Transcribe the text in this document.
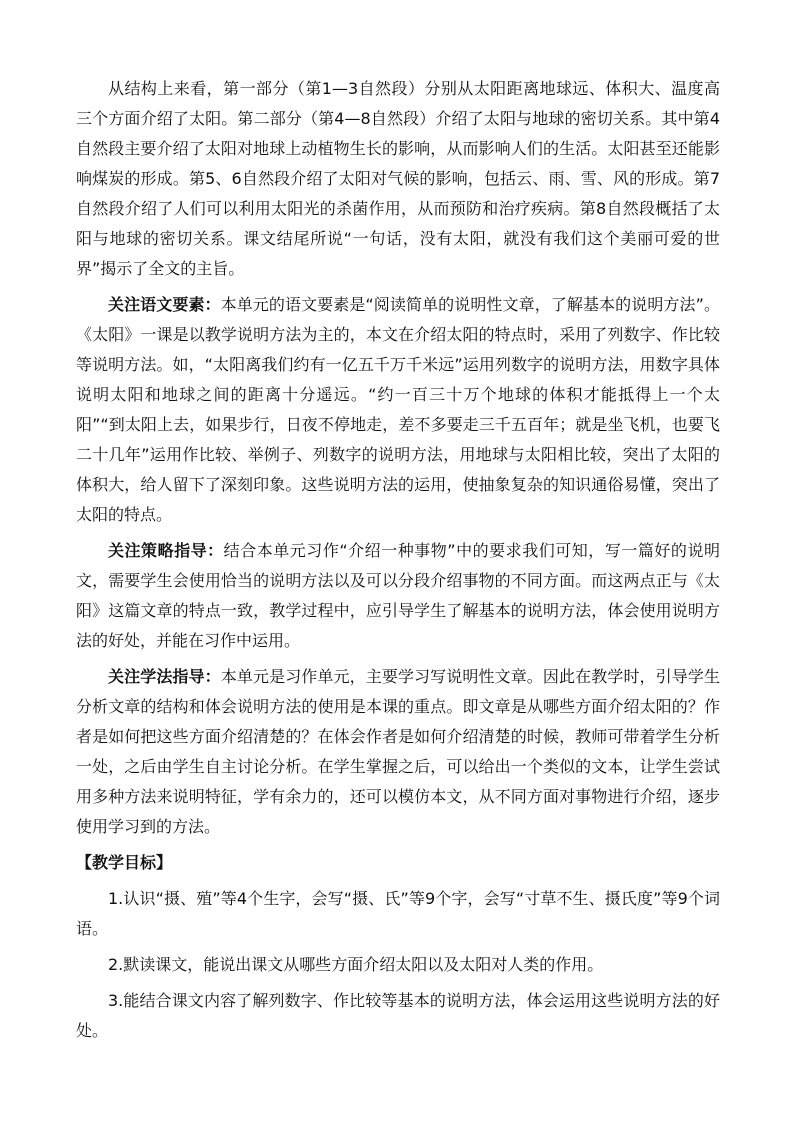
从结构上来看，第一部分（第1—3自然段）分别从太阳距离地球远、体积大、温度高三个方面介绍了太阳。第二部分（第4—8自然段）介绍了太阳与地球的密切关系。其中第4自然段主要介绍了太阳对地球上动植物生长的影响，从而影响人们的生活。太阳甚至还能影响煤炭的形成。第5、6自然段介绍了太阳对气候的影响，包括云、雨、雪、风的形成。第7自然段介绍了人们可以利用太阳光的杀菌作用，从而预防和治疗疾病。第8自然段概括了太阳与地球的密切关系。课文结尾所说“一句话，没有太阳，就没有我们这个美丽可爱的世界”揭示了全文的主旨。

关注语文要素：本单元的语文要素是“阅读简单的说明性文章，了解基本的说明方法”。《太阳》一课是以教学说明方法为主的，本文在介绍太阳的特点时，采用了列数字、作比较等说明方法。如，“太阳离我们约有一亿五千万千米远”运用列数字的说明方法，用数字具体说明太阳和地球之间的距离十分遥远。“约一百三十万个地球的体积才能抵得上一个太阳”“到太阳上去，如果步行，日夜不停地走，差不多要走三千五百年；就是坐飞机，也要飞二十几年”运用作比较、举例子、列数字的说明方法，用地球与太阳相比较，突出了太阳的体积大，给人留下了深刻印象。这些说明方法的运用，使抽象复杂的知识通俗易懂，突出了太阳的特点。

关注策略指导：结合本单元习作“介绍一种事物”中的要求我们可知，写一篇好的说明文，需要学生会使用恰当的说明方法以及可以分段介绍事物的不同方面。而这两点正与《太阳》这篇文章的特点一致，教学过程中，应引导学生了解基本的说明方法，体会使用说明方法的好处，并能在习作中运用。

关注学法指导：本单元是习作单元，主要学习写说明性文章。因此在教学时，引导学生分析文章的结构和体会说明方法的使用是本课的重点。即文章是从哪些方面介绍太阳的？作者是如何把这些方面介绍清楚的？在体会作者是如何介绍清楚的时候，教师可带着学生分析一处，之后由学生自主讨论分析。在学生掌握之后，可以给出一个类似的文本，让学生尝试用多种方法来说明特征，学有余力的，还可以模仿本文，从不同方面对事物进行介绍，逐步使用学习到的方法。

【教学目标】

1.认识“摄、殖”等4个生字，会写“摄、氏”等9个字，会写“寸草不生、摄氏度”等9个词语。

2.默读课文，能说出课文从哪些方面介绍太阳以及太阳对人类的作用。

3.能结合课文内容了解列数字、作比较等基本的说明方法，体会运用这些说明方法的好处。
